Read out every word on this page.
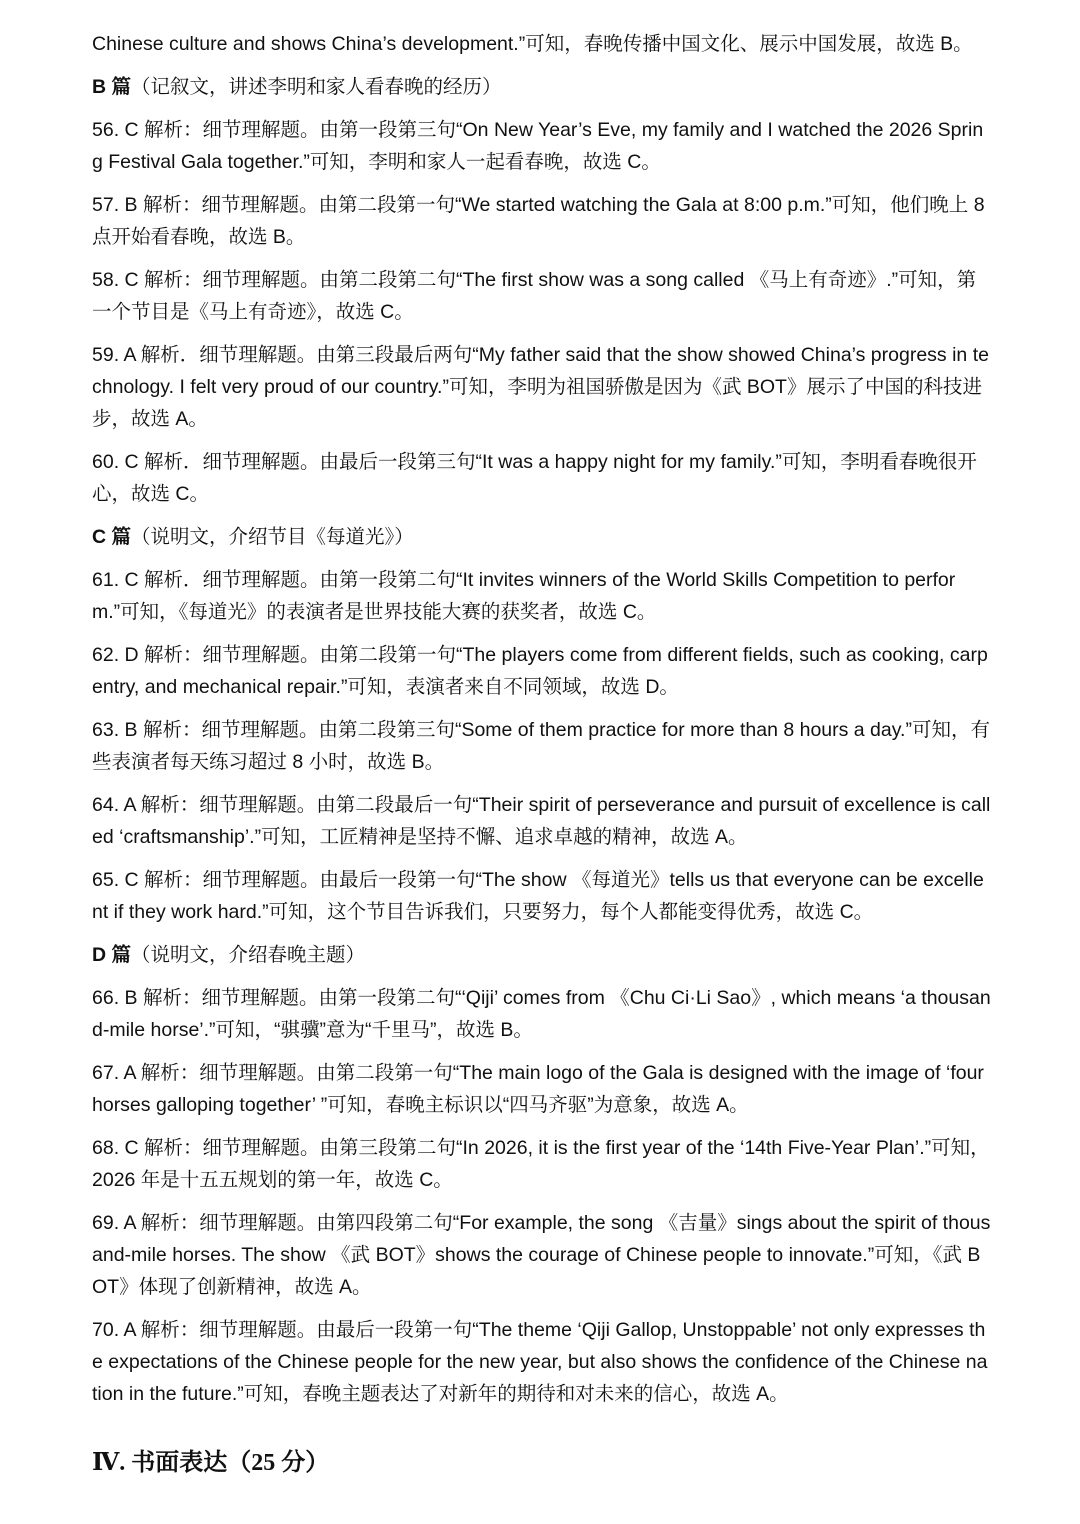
Chinese culture and shows China’s development.”可知，春晚传播中国文化、展示中国发展，故选 B。

B 篇（记叙文，讲述李明和家人看春晚的经历）

56. C 解析：细节理解题。由第一段第三句“On New Year’s Eve, my family and I watched the 2026 Spring Festival Gala together.”可知，李明和家人一起看春晚，故选 C。

57. B 解析：细节理解题。由第二段第一句“We started watching the Gala at 8:00 p.m.”可知，他们晚上 8 点开始看春晚，故选 B。

58. C 解析：细节理解题。由第二段第二句“The first show was a song called 《马上有奇迹》.”可知，第一个节目是《马上有奇迹》，故选 C。

59. A 解析．细节理解题。由第三段最后两句“My father said that the show showed China’s progress in technology. I felt very proud of our country.”可知，李明为祖国骄傲是因为《武 BOT》展示了中国的科技进步，故选 A。

60. C 解析．细节理解题。由最后一段第三句“It was a happy night for my family.”可知，李明看春晚很开心，故选 C。

C 篇（说明文，介绍节目《每道光》）

61. C 解析．细节理解题。由第一段第二句“It invites winners of the World Skills Competition to perform.”可知，《每道光》的表演者是世界技能大赛的获奖者，故选 C。

62. D 解析：细节理解题。由第二段第一句“The players come from different fields, such as cooking, carpentry, and mechanical repair.”可知，表演者来自不同领域，故选 D。

63. B 解析：细节理解题。由第二段第三句“Some of them practice for more than 8 hours a day.”可知，有些表演者每天练习超过 8 小时，故选 B。

64. A 解析：细节理解题。由第二段最后一句“Their spirit of perseverance and pursuit of excellence is called ‘craftsmanship’.”可知，工匠精神是坚持不懈、追求卓越的精神，故选 A。

65. C 解析：细节理解题。由最后一段第一句“The show 《每道光》tells us that everyone can be excellent if they work hard.”可知，这个节目告诉我们，只要努力，每个人都能变得优秀，故选 C。

D 篇（说明文，介绍春晚主题）

66. B 解析：细节理解题。由第一段第二句“‘Qiji’ comes from 《Chu Ci·Li Sao》, which means ‘a thousand-mile horse’.”可知，“骐骥”意为“千里马”，故选 B。

67. A 解析：细节理解题。由第二段第一句“The main logo of the Gala is designed with the image of ‘four horses galloping together’ ”可知，春晚主标识以“四马齐驱”为意象，故选 A。

68. C 解析：细节理解题。由第三段第二句“In 2026, it is the first year of the ‘14th Five-Year Plan’.”可知，2026 年是十五五规划的第一年，故选 C。

69. A 解析：细节理解题。由第四段第二句“For example, the song 《吉量》sings about the spirit of thousand-mile horses. The show 《武 BOT》shows the courage of Chinese people to innovate.”可知，《武 BOT》体现了创新精神，故选 A。

70. A 解析：细节理解题。由最后一段第一句“The theme ‘Qiji Gallop, Unstoppable’ not only expresses the expectations of the Chinese people for the new year, but also shows the confidence of the Chinese nation in the future.”可知，春晚主题表达了对新年的期待和对未来的信心，故选 A。

Ⅳ. 书面表达（25 分）
